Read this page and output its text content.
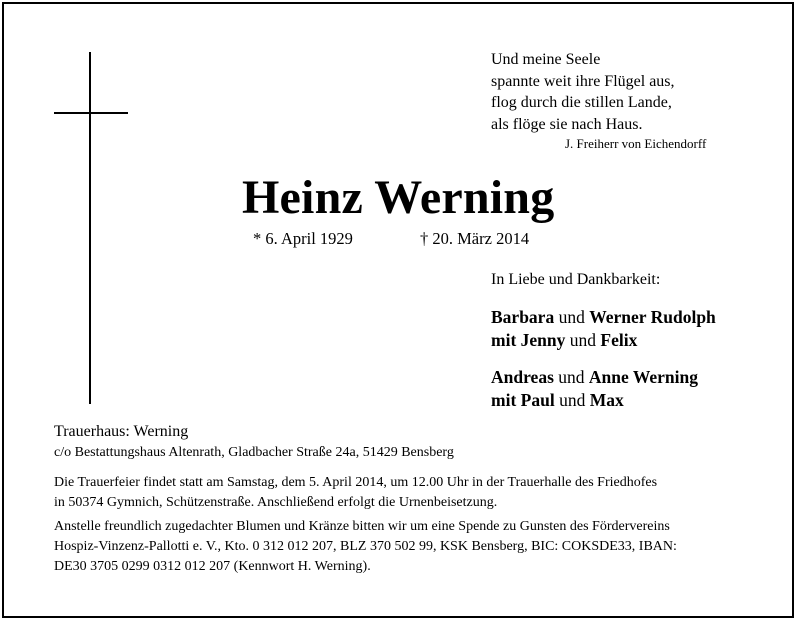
Und meine Seele
spannte weit ihre Flügel aus,
flog durch die stillen Lande,
als flöge sie nach Haus.
J. Freiherr von Eichendorff
Heinz Werning
* 6. April 1929	† 20. März 2014
In Liebe und Dankbarkeit:
Barbara und Werner Rudolph
mit Jenny und Felix
Andreas und Anne Werning
mit Paul und Max
Trauerhaus: Werning
c/o Bestattungshaus Altenrath, Gladbacher Straße 24a, 51429 Bensberg
Die Trauerfeier findet statt am Samstag, dem 5. April 2014, um 12.00 Uhr in der Trauerhalle des Friedhofes
in 50374 Gymnich, Schützenstraße. Anschließend erfolgt die Urnenbeisetzung.
Anstelle freundlich zugedachter Blumen und Kränze bitten wir um eine Spende zu Gunsten des Fördervereins
Hospiz-Vinzenz-Pallotti e. V., Kto. 0 312 012 207, BLZ 370 502 99, KSK Bensberg, BIC: COKSDE33, IBAN:
DE30 3705 0299 0312 012 207 (Kennwort H. Werning).
